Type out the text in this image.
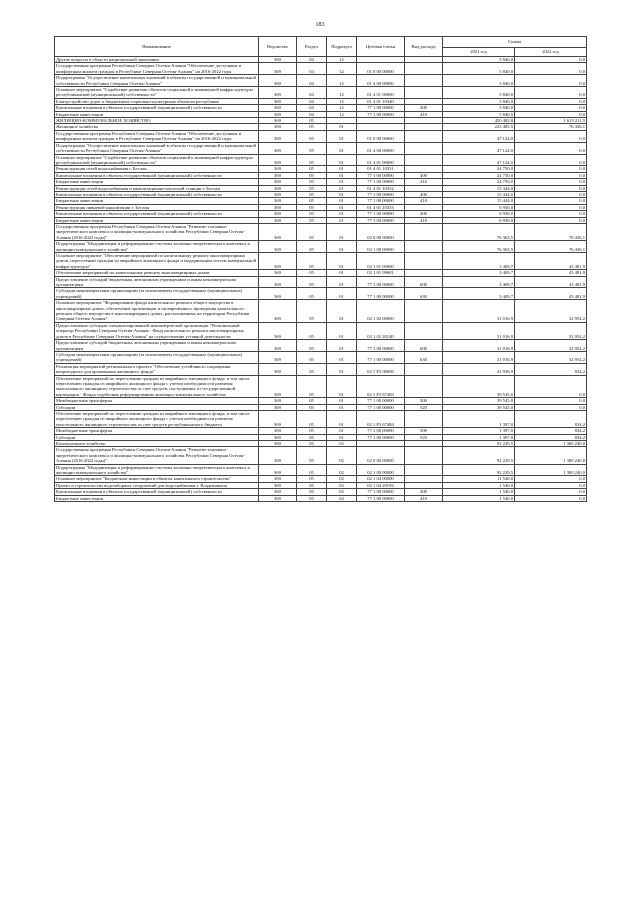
183
Наименование	Ведомство	Раздел	Подраздел	Целевая статья	Вид расхода	Сумма	
						2021 год	2022 год
Другие вопросы в области национальной экономики	369	04	12			5 840,0	0,0
Государственная программа Республики Северная Осетия-Алания "Обеспечение доступным и комфортным жильем граждан в Республике Северная Осетия-Алания" на 2016-2022 годы	369	04	12	01 0 00 00000		5 840,0	0,0
Подпрограмма "Осуществление капитальных вложений в объекты государственной и муниципальной собственности Республики Северная Осетия-Алания"	369	04	12	01 4 00 00000		5 840,0	0,0
Основное мероприятие "Содействие развитию объектов социальной и инженерной инфраструктуры республиканской (муниципальной) собственности"	369	04	12	01 4 01 00000		5 840,0	0,0
Благоустройство дорог к бюджетным социально-культурным объектам республики	369	04	12	01 4 01 10340		5 840,0	0,0
Капитальные вложения в объекты государственной (муниципальной) собственности	369	04	12	77 1 00 00000	400	5 840,0	0,0
Бюджетные инвестиции	369	04	12	77 1 00 00000	410	5 840,0	0,0
ЖИЛИЩНО-КОММУНАЛЬНОЕ ХОЗЯЙСТВО	369	05				450 482,8	1 613 211,5
Жилищное хозяйство	369	05	01			225 485,5	76 436,1
Государственная программа Республики Северная Осетия-Алания "Обеспечение доступным и комфортным жильем граждан в Республике Северная Осетия-Алания" на 2016-2022 годы	369	05	01	01 0 00 00000		47 124,0	0,0
Подпрограмма "Осуществление капитальных вложений в объекты государственной и муниципальной собственности Республики Северная Осетия-Алания"	369	05	01	01 4 00 00000		47 124,0	0,0
Основное мероприятие "Содействие развитию объектов социальной и инженерной инфраструктуры республиканской (муниципальной) собственности"	369	05	01	01 4 01 00000		47 124,0	0,0
Реконструкция сетей водоснабжения г. Беслан	369	05	01	01 4 01 10351		24 750,0	0,0
Капитальные вложения в объекты государственной (муниципальной) собственности	369	05	01	77 1 00 00000	400	24 750,0	0,0
Бюджетные инвестиции	369	05	01	77 1 00 00000	410	24 750,0	0,0
Реконструкция сетей водоснабжения и канализационно-насосной станции г. Беслан	369	05	01	01 4 01 10352		15 444,0	0,0
Капитальные вложения в объекты государственной (муниципальной) собственности	369	05	01	77 1 00 00000	400	15 444,0	0,0
Бюджетные инвестиции	369	05	01	77 1 00 00000	410	15 444,0	0,0
Реконструкция ливневой канализации г. Беслан	369	05	01	01 4 01 10353		6 930,0	0,0
Капитальные вложения в объекты государственной (муниципальной) собственности	369	05	01	77 1 00 00000	400	6 930,0	0,0
Бюджетные инвестиции	369	05	01	77 1 00 00000	410	6 930,0	0,0
Государственная программа Республики Северная Осетия-Алания "Развитие топливно-энергетического комплекса и жилищно-коммунального хозяйства Республики Северная Осетия-Алания (2016-2022 годы)"	369	05	01	02 0 00 00000		76 363,5	76 436,1
Подпрограмма "Модернизация и реформирование системы топливно-энергетического комплекса и жилищно-коммунального хозяйства"	369	05	01	02 1 00 00000		76 363,5	76 436,1
Основное мероприятие "Обеспечение мероприятий по капитальному ремонту многоквартирных домов, переселению граждан из аварийного жилищного фонда и модернизации систем коммунальной инфраструктуры"	369	05	01	02 1 01 00000		3 409,7	43 481,9
Обеспечение мероприятий по капитальному ремонту многоквартирных домов	369	05	01	02 1 01 09601		3 409,7	43 481,9
Предоставление субсидий бюджетным, автономным учреждениям и иным некоммерческим организациям	369	05	01	77 1 00 00000	600	3 409,7	43 481,9
Субсидии некоммерческим организациям (за исключением государственных (муниципальных) учреждений)	369	05	01	77 1 00 00000	630	3 409,7	43 481,9
Основное мероприятие "Формирование фонда капитального ремонта общего имущества в многоквартирных домах, обеспечение организации и своевременного проведения капитального ремонта общего имущества в многоквартирных домах, расположенных на территории Республики Северная Осетия-Алания"	369	05	01	02 1 02 00000		31 016,9	32 954,2
Предоставление субсидии специализированной некоммерческой организации "Региональный оператор Республики Северная Осетия-Алания - Фонд капитального ремонта многоквартирных домов в Республике Северная Осетия-Алания" на осуществление уставной деятельности	369	05	01	02 1 02 20140		31 016,9	32 954,2
Предоставление субсидий бюджетным, автономным учреждениям и иным некоммерческим организациям	369	05	01	77 1 00 00000	600	31 016,9	32 954,2
Субсидии некоммерческим организациям (за исключением государственных (муниципальных) учреждений)	369	05	01	77 1 00 00000	630	31 016,9	32 954,2
Реализация мероприятий регионального проекта "Обеспечение устойчивого сокращения непригодного для проживания жилищного фонда"	369	05	01	02 1 F3 00000		41 936,9	834,2
Обеспечение мероприятий по переселению граждан из аварийного жилищного фонда, в том числе переселению граждан из аварийного жилищного фонда с учетом необходимости развития малоэтажного жилищного строительства за счет средств, поступивших от государственной корпорации - Фонда содействия реформированию жилищно-коммунального хозяйства	369	05	01	02 1 F3 67483		39 545,0	0,0
Межбюджетные трансферты	369	05	01	77 1 00 00000	500	39 545,0	0,0
Субсидии	369	05	01	77 1 00 00000	520	39 545,0	0,0
Обеспечение мероприятий по переселению граждан из аварийного жилищного фонда, в том числе переселению граждан из аварийного жилищного фонда с учетом необходимости развития малоэтажного жилищного строительства за счет средств республиканского бюджета	369	05	01	02 1 F3 67484		1 397,0	834,2
Межбюджетные трансферты	369	05	01	77 1 00 00000	500	1 397,0	834,2
Субсидии	369	05	01	77 1 00 00000	520	1 397,0	834,2
Коммунальное хозяйство	369	05	02			92 229,5	1 300 240,0
Государственная программа Республики Северная Осетия-Алания "Развитие топливно-энергетического комплекса и жилищно-коммунального хозяйства Республики Северная Осетия-Алания (2016-2022 годы)"	369	05	02	02 0 00 00000		92 229,5	1 300 240,0
Подпрограмма "Модернизация и реформирование системы топливно-энергетического комплекса и жилищно-коммунального хозяйства"	369	05	02	02 1 00 00000		92 229,5	1 300 240,0
Основное мероприятие "Бюджетные инвестиции в объекты капитального строительства"	369	05	02	02 1 04 00000		11 540,0	0,0
Проект и строительство водозаборных сооружений для водоснабжения г. Владикавказа	369	05	02	02 1 04 29193		1 540,0	0,0
Капитальные вложения в объекты государственной (муниципальной) собственности	369	05	02	77 1 00 00000	400	1 540,0	0,0
Бюджетные инвестиции	369	05	02	77 1 00 00000	410	1 540,0	0,0
